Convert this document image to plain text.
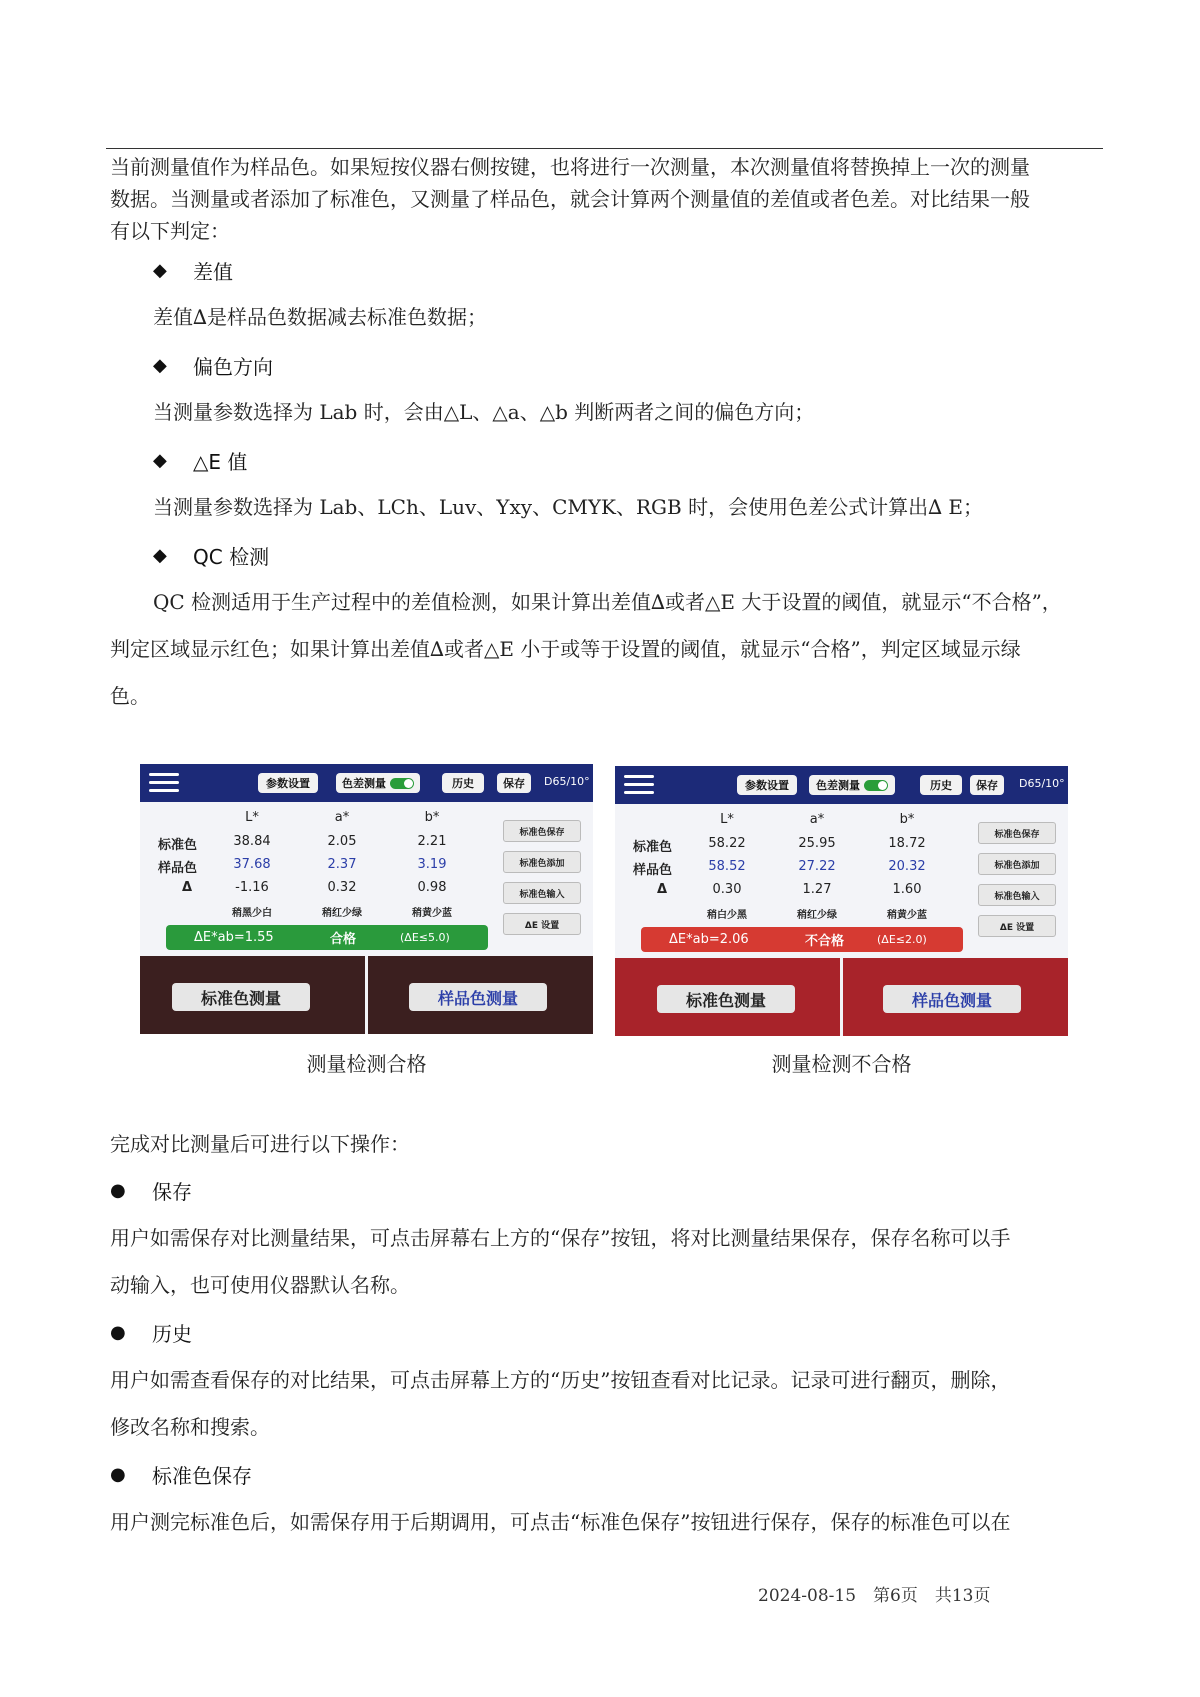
当前测量值作为样品色。如果短按仪器右侧按键，也将进行一次测量，本次测量值将替换掉上一次的测量

数据。当测量或者添加了标准色，又测量了样品色，就会计算两个测量值的差值或者色差。对比结果一般

有以下判定：

◆	差值

差值∆是样品色数据减去标准色数据；

◆	偏色方向

当测量参数选择为 Lab 时，会由△L、△a、△b 判断两者之间的偏色方向；

◆	△E 值

当测量参数选择为 Lab、LCh、Luv、Yxy、CMYK、RGB 时，会使用色差公式计算出∆ E；

◆	QC 检测

QC 检测适用于生产过程中的差值检测，如果计算出差值∆或者△E 大于设置的阈值，就显示“不合格”，

判定区域显示红色；如果计算出差值∆或者△E 小于或等于设置的阈值，就显示“合格”，判定区域显示绿

色。

参数设置	色差测量	历史	保存	D65/10°
L*	a*	b*
标准色	38.84	2.05	2.21
样品色	37.68	2.37	3.19
Δ	-1.16	0.32	0.98
稍黑少白	稍红少绿	稍黄少蓝
标准色保存
标准色添加
标准色输入
ΔE 设置
ΔE*ab=1.55	合格	(ΔE≤5.0)
标准色测量	样品色测量
测量检测合格
参数设置	色差测量	历史	保存	D65/10°
L*	a*	b*
标准色	58.22	25.95	18.72
样品色	58.52	27.22	20.32
Δ	0.30	1.27	1.60
稍白少黑	稍红少绿	稍黄少蓝
标准色保存
标准色添加
标准色输入
ΔE 设置
ΔE*ab=2.06	不合格	(ΔE≤2.0)
标准色测量	样品色测量
测量检测不合格

完成对比测量后可进行以下操作：

●	保存

用户如需保存对比测量结果，可点击屏幕右上方的“保存”按钮，将对比测量结果保存，保存名称可以手

动输入，也可使用仪器默认名称。

●	历史

用户如需查看保存的对比结果，可点击屏幕上方的“历史”按钮查看对比记录。记录可进行翻页，删除，

修改名称和搜索。

●	标准色保存

用户测完标准色后，如需保存用于后期调用，可点击“标准色保存”按钮进行保存，保存的标准色可以在

2024-08-15　第6页　共13页
